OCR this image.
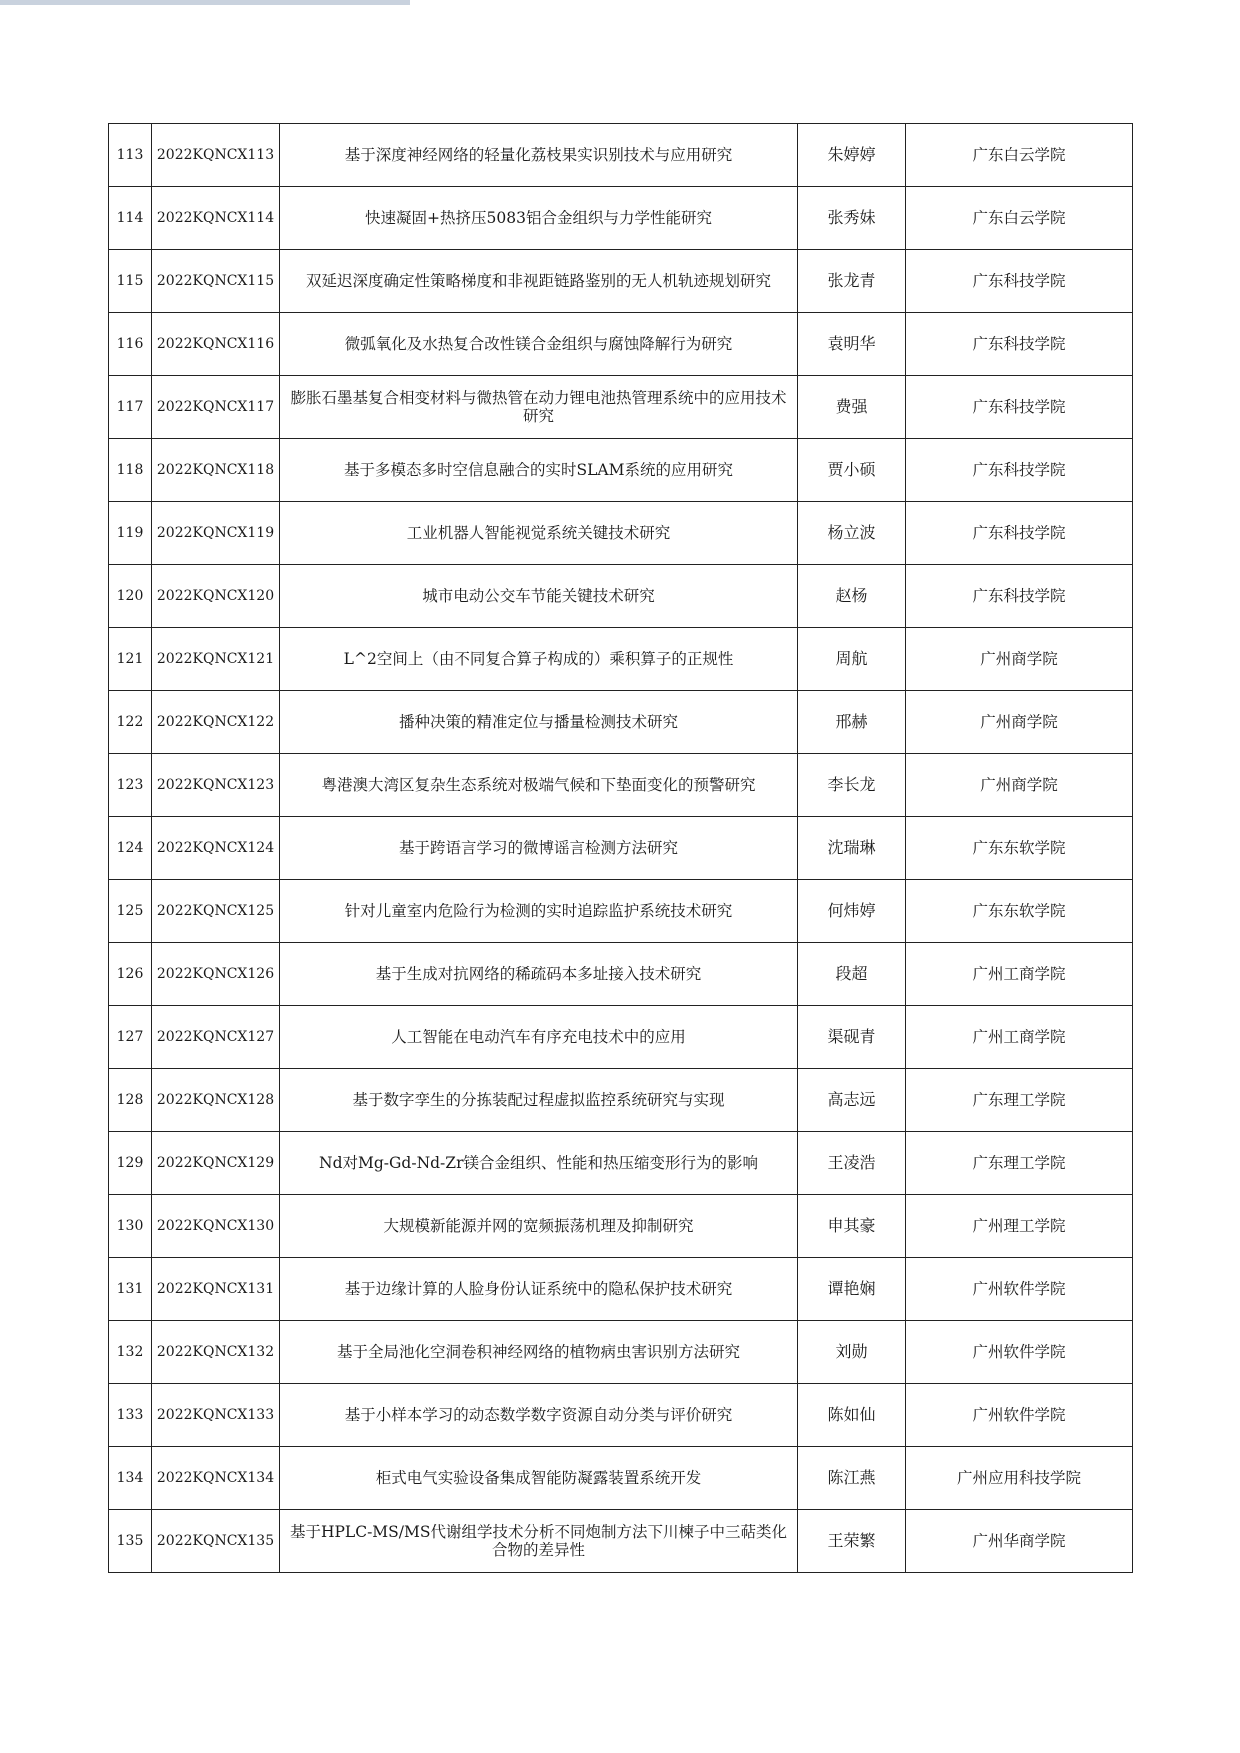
113	2022KQNCX113	基于深度神经网络的轻量化荔枝果实识别技术与应用研究	朱婷婷	广东白云学院
114	2022KQNCX114	快速凝固+热挤压5083铝合金组织与力学性能研究	张秀妹	广东白云学院
115	2022KQNCX115	双延迟深度确定性策略梯度和非视距链路鉴别的无人机轨迹规划研究	张龙青	广东科技学院
116	2022KQNCX116	微弧氧化及水热复合改性镁合金组织与腐蚀降解行为研究	袁明华	广东科技学院
117	2022KQNCX117	膨胀石墨基复合相变材料与微热管在动力锂电池热管理系统中的应用技术研究	费强	广东科技学院
118	2022KQNCX118	基于多模态多时空信息融合的实时SLAM系统的应用研究	贾小硕	广东科技学院
119	2022KQNCX119	工业机器人智能视觉系统关键技术研究	杨立波	广东科技学院
120	2022KQNCX120	城市电动公交车节能关键技术研究	赵杨	广东科技学院
121	2022KQNCX121	L^2空间上（由不同复合算子构成的）乘积算子的正规性	周航	广州商学院
122	2022KQNCX122	播种决策的精准定位与播量检测技术研究	邢赫	广州商学院
123	2022KQNCX123	粤港澳大湾区复杂生态系统对极端气候和下垫面变化的预警研究	李长龙	广州商学院
124	2022KQNCX124	基于跨语言学习的微博谣言检测方法研究	沈瑞琳	广东东软学院
125	2022KQNCX125	针对儿童室内危险行为检测的实时追踪监护系统技术研究	何炜婷	广东东软学院
126	2022KQNCX126	基于生成对抗网络的稀疏码本多址接入技术研究	段超	广州工商学院
127	2022KQNCX127	人工智能在电动汽车有序充电技术中的应用	渠砚青	广州工商学院
128	2022KQNCX128	基于数字孪生的分拣装配过程虚拟监控系统研究与实现	高志远	广东理工学院
129	2022KQNCX129	Nd对Mg-Gd-Nd-Zr镁合金组织、性能和热压缩变形行为的影响	王凌浩	广东理工学院
130	2022KQNCX130	大规模新能源并网的宽频振荡机理及抑制研究	申其豪	广州理工学院
131	2022KQNCX131	基于边缘计算的人脸身份认证系统中的隐私保护技术研究	谭艳娴	广州软件学院
132	2022KQNCX132	基于全局池化空洞卷积神经网络的植物病虫害识别方法研究	刘勋	广州软件学院
133	2022KQNCX133	基于小样本学习的动态数学数字资源自动分类与评价研究	陈如仙	广州软件学院
134	2022KQNCX134	柜式电气实验设备集成智能防凝露装置系统开发	陈江燕	广州应用科技学院
135	2022KQNCX135	基于HPLC-MS/MS代谢组学技术分析不同炮制方法下川楝子中三萜类化合物的差异性	王荣繁	广州华商学院
